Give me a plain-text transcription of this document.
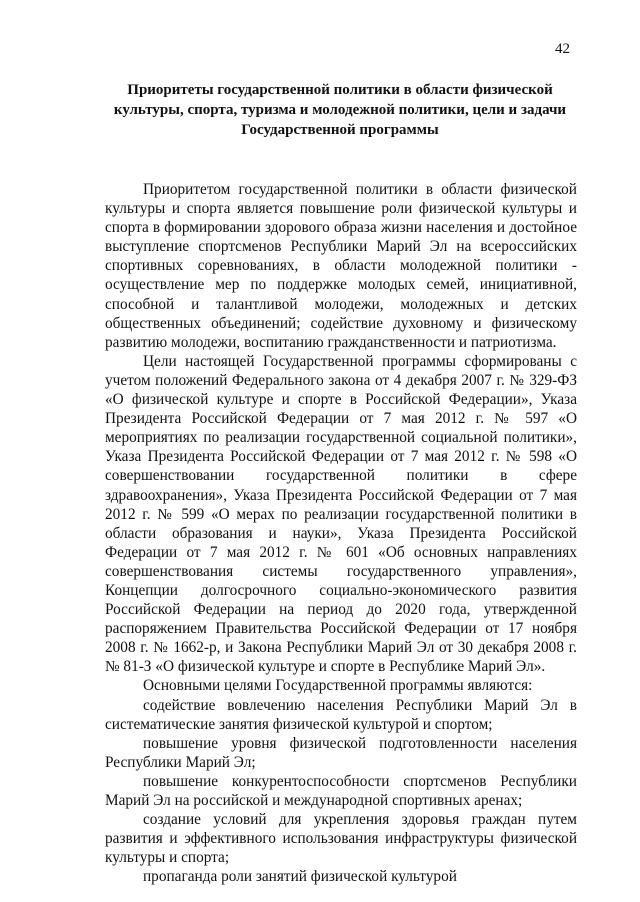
42
Приоритеты государственной политики в области физической культуры, спорта, туризма и молодежной политики, цели и задачи Государственной программы

Приоритетом государственной политики в области физической культуры и спорта является повышение роли физической культуры и спорта в формировании здорового образа жизни населения и достойное выступление спортсменов Республики Марий Эл на всероссийских спортивных соревнованиях, в области молодежной политики - осуществление мер по поддержке молодых семей, инициативной, способной и талантливой молодежи, молодежных и детских общественных объединений; содействие духовному и физическому развитию молодежи, воспитанию гражданственности и патриотизма.

Цели настоящей Государственной программы сформированы с учетом положений Федерального закона от 4 декабря 2007 г. № 329-ФЗ «О физической культуре и спорте в Российской Федерации», Указа Президента Российской Федерации от 7 мая 2012 г. № 597 «О мероприятиях по реализации государственной социальной политики», Указа Президента Российской Федерации от 7 мая 2012 г. № 598 «О совершенствовании государственной политики в сфере здравоохранения», Указа Президента Российской Федерации от 7 мая 2012 г. № 599 «О мерах по реализации государственной политики в области образования и науки», Указа Президента Российской Федерации от 7 мая 2012 г. № 601 «Об основных направлениях совершенствования системы государственного управления», Концепции долгосрочного социально-экономического развития Российской Федерации на период до 2020 года, утвержденной распоряжением Правительства Российской Федерации от 17 ноября 2008 г. № 1662-р, и Закона Республики Марий Эл от 30 декабря 2008 г. № 81-З «О физической культуре и спорте в Республике Марий Эл».

Основными целями Государственной программы являются:

содействие вовлечению населения Республики Марий Эл в систематические занятия физической культурой и спортом;

повышение уровня физической подготовленности населения Республики Марий Эл;

повышение конкурентоспособности спортсменов Республики Марий Эл на российской и международной спортивных аренах;

создание условий для укрепления здоровья граждан путем развития и эффективного использования инфраструктуры физической культуры и спорта;

пропаганда роли занятий физической культурой
